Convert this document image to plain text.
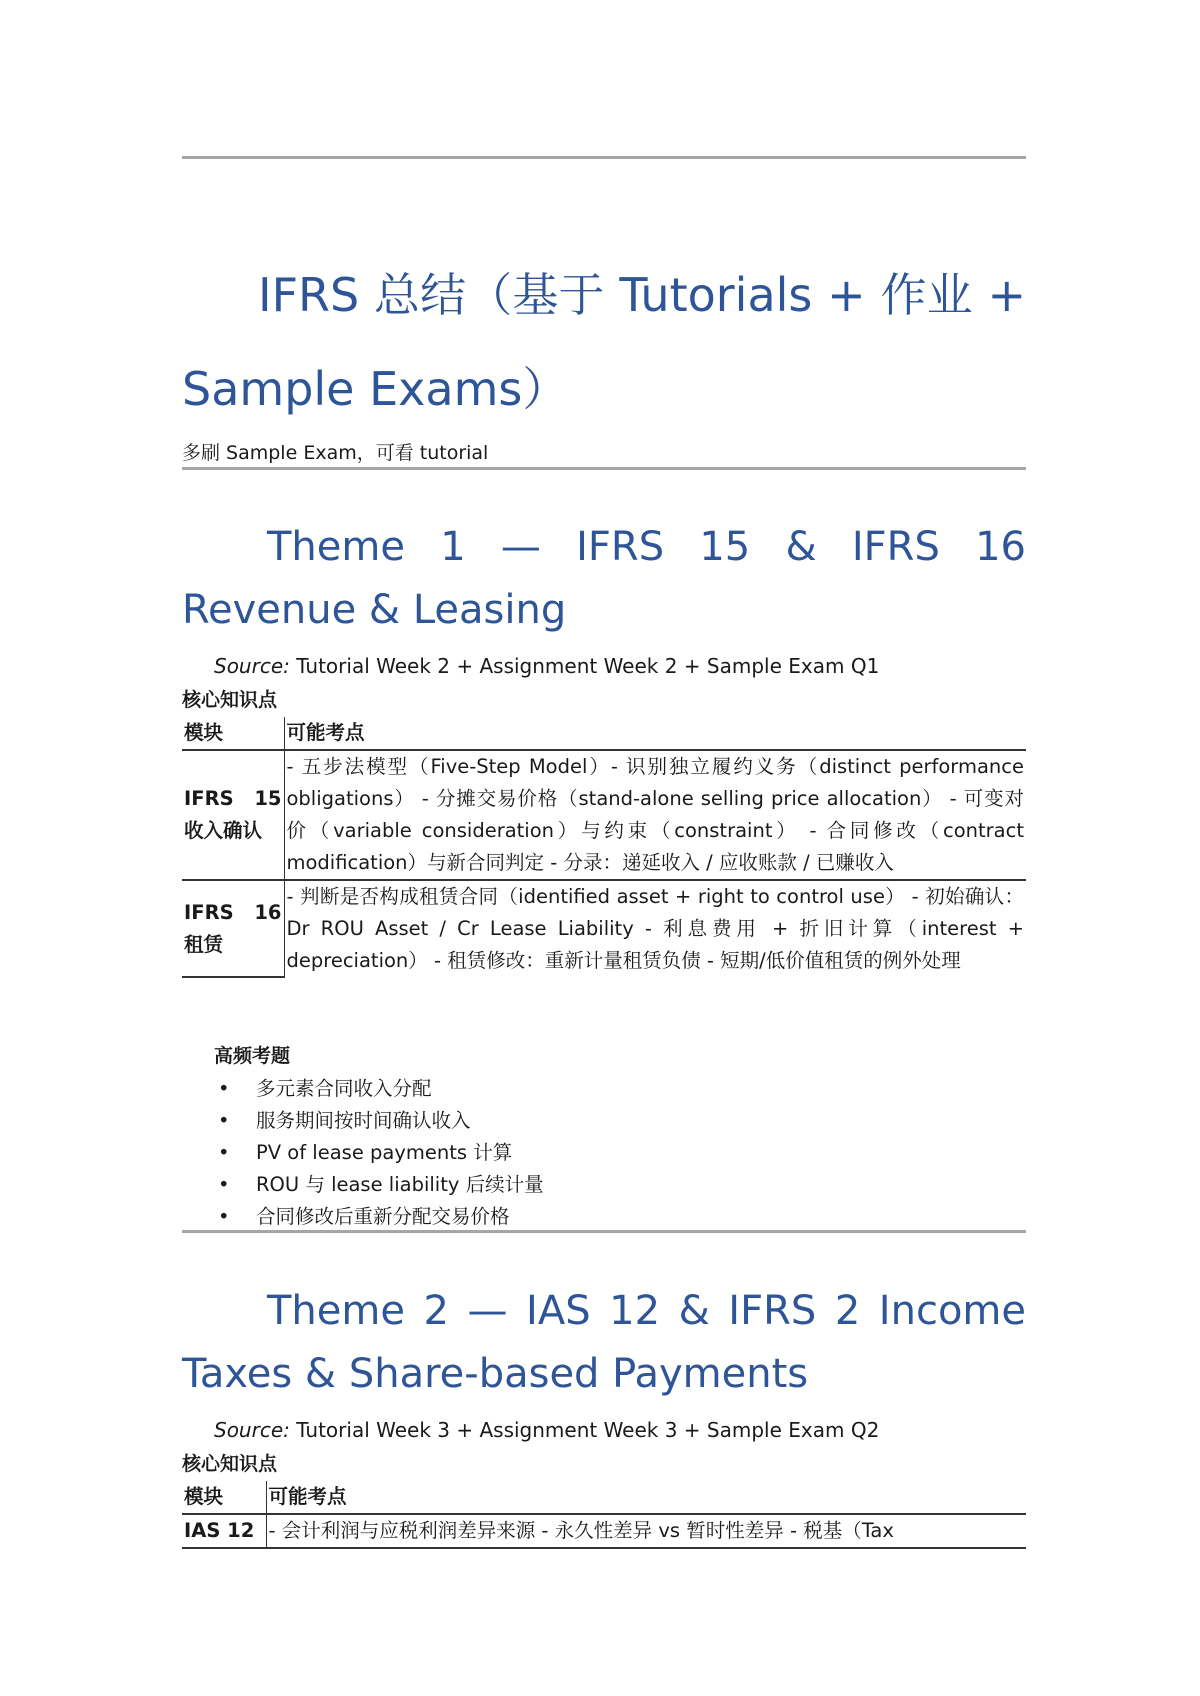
IFRS 总结（基于 Tutorials + 作业 + Sample Exams）
多刷 Sample Exam，可看 tutorial
Theme 1 — IFRS 15 & IFRS 16 Revenue & Leasing
Source: Tutorial Week 2 + Assignment Week 2 + Sample Exam Q1
核心知识点
模块	可能考点
IFRS 15 收入确认	- 五步法模型（Five-Step Model）- 识别独立履约义务（distinct performance obligations） - 分摊交易价格（stand-alone selling price allocation） - 可变对价（variable consideration）与约束（constraint） - 合同修改（contract modification）与新合同判定 - 分录：递延收入 / 应收账款 / 已赚收入
IFRS 16 租赁	- 判断是否构成租赁合同（identified asset + right to control use） - 初始确认：Dr ROU Asset / Cr Lease Liability - 利息费用 + 折旧计算（interest + depreciation） - 租赁修改：重新计量租赁负债 - 短期/低价值租赁的例外处理
高频考题
• 多元素合同收入分配
• 服务期间按时间确认收入
• PV of lease payments 计算
• ROU 与 lease liability 后续计量
• 合同修改后重新分配交易价格
Theme 2 — IAS 12 & IFRS 2 Income Taxes & Share-based Payments
Source: Tutorial Week 3 + Assignment Week 3 + Sample Exam Q2
核心知识点
模块	可能考点
IAS 12	- 会计利润与应税利润差异来源 - 永久性差异 vs 暂时性差异 - 税基（Tax
